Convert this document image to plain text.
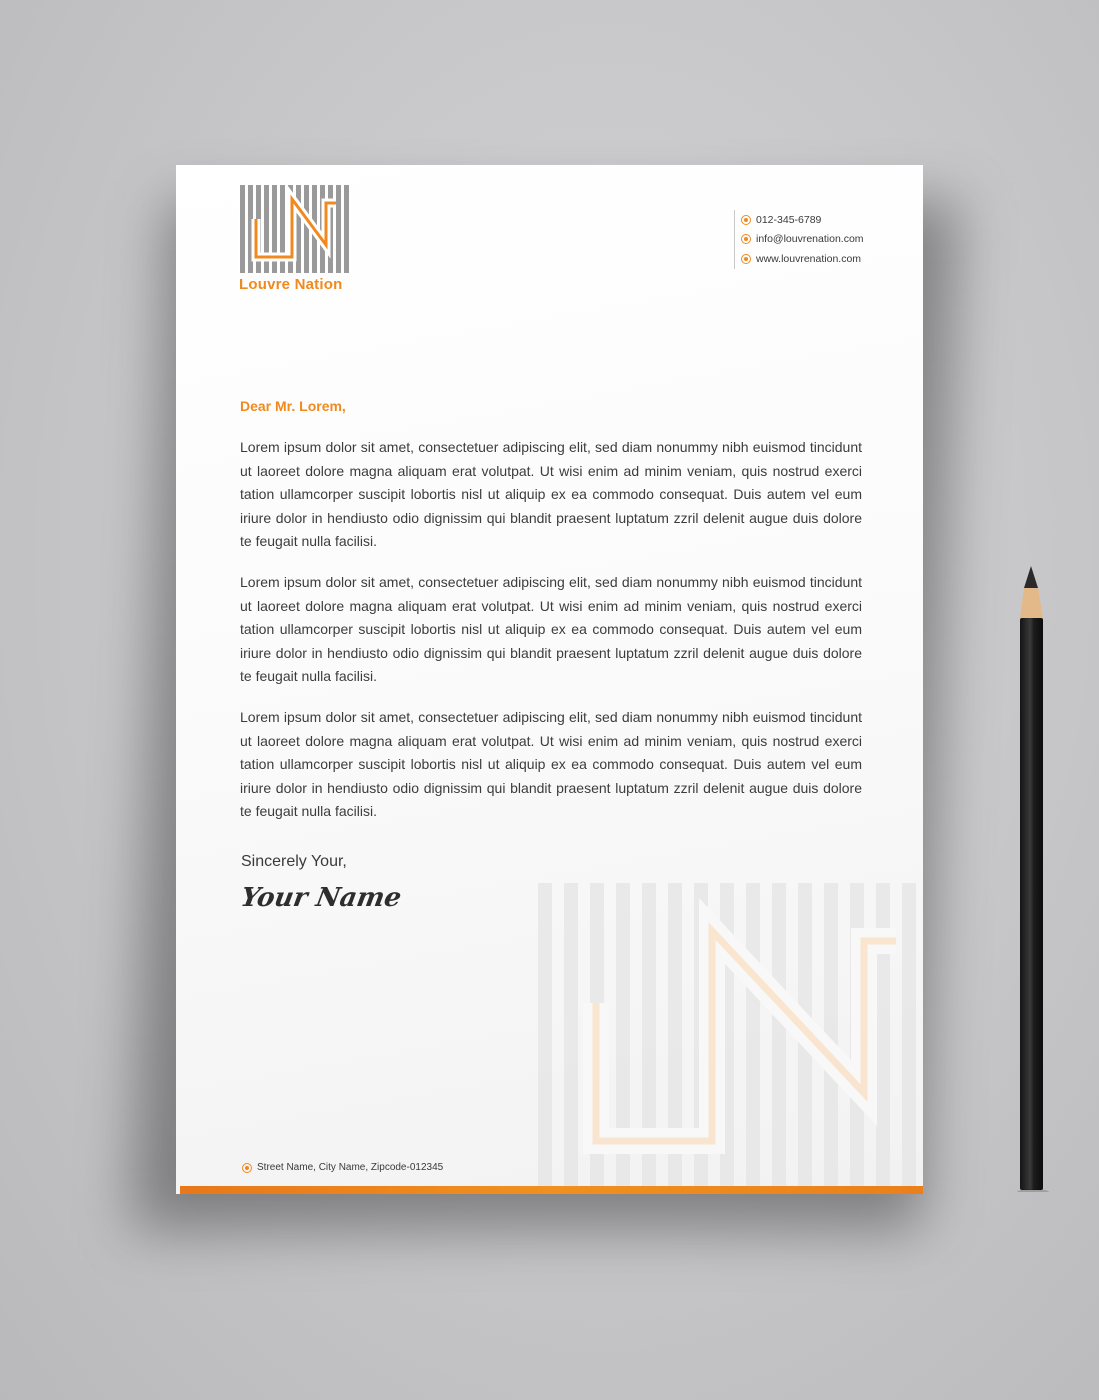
Louvre Nation
012-345-6789
info@louvrenation.com
www.louvrenation.com
Dear Mr. Lorem,

Lorem ipsum dolor sit amet, consectetuer adipiscing elit, sed diam nonummy nibh euismod tincidunt ut laoreet dolore magna aliquam erat volutpat. Ut wisi enim ad minim veniam, quis nostrud exerci tation ullamcorper suscipit lobortis nisl ut aliquip ex ea commodo consequat. Duis autem vel eum iriure dolor in hendiusto odio dignissim qui blandit praesent luptatum zzril delenit augue duis dolore te feugait nulla facilisi.

Lorem ipsum dolor sit amet, consectetuer adipiscing elit, sed diam nonummy nibh euismod tincidunt ut laoreet dolore magna aliquam erat volutpat. Ut wisi enim ad minim veniam, quis nostrud exerci tation ullamcorper suscipit lobortis nisl ut aliquip ex ea commodo consequat. Duis autem vel eum iriure dolor in hendiusto odio dignissim qui blandit praesent luptatum zzril delenit augue duis dolore te feugait nulla facilisi.

Lorem ipsum dolor sit amet, consectetuer adipiscing elit, sed diam nonummy nibh euismod tincidunt ut laoreet dolore magna aliquam erat volutpat. Ut wisi enim ad minim veniam, quis nostrud exerci tation ullamcorper suscipit lobortis nisl ut aliquip ex ea commodo consequat. Duis autem vel eum iriure dolor in hendiusto odio dignissim qui blandit praesent luptatum zzril delenit augue duis dolore te feugait nulla facilisi.

Sincerely Your,
Your Name
Street Name, City Name, Zipcode-012345
